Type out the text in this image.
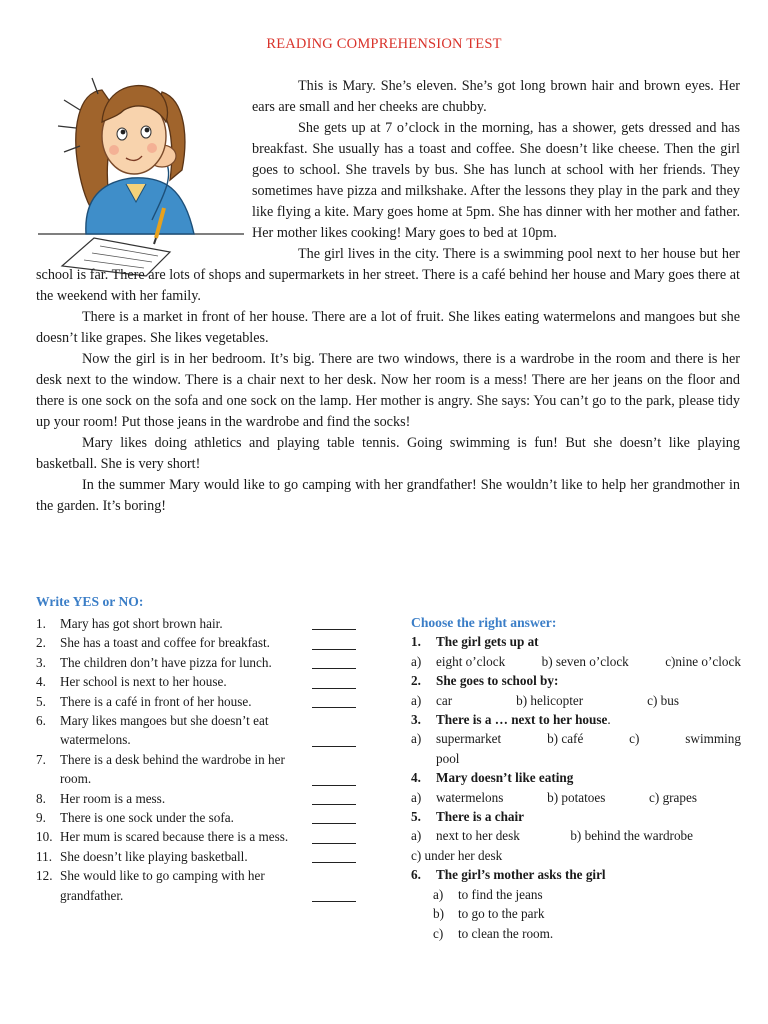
READING COMPREHENSION TEST

This is Mary. She’s eleven. She’s got long brown hair and brown eyes. Her ears are small and her cheeks are chubby.

She gets up at 7 o’clock in the morning, has a shower, gets dressed and has breakfast. She usually has a toast and coffee. She doesn’t like cheese. Then the girl goes to school. She travels by bus. She has lunch at school with her friends. They sometimes have pizza and milkshake. After the lessons they play in the park and they like flying a kite. Mary goes home at 5pm. She has dinner with her mother and father. Her mother likes cooking! Mary goes to bed at 10pm.

The girl lives in the city. There is a swimming pool next to her house but her school is far. There are lots of shops and supermarkets in her street. There is a café behind her house and Mary goes there at the weekend with her family.

There is a market in front of her house. There are a lot of fruit. She likes eating watermelons and mangoes but she doesn’t like grapes. She likes vegetables.

Now the girl is in her bedroom. It’s big. There are two windows, there is a wardrobe in the room and there is her desk next to the window. There is a chair next to her desk. Now her room is a mess! There are her jeans on the floor and there is one sock on the sofa and one sock on the lamp. Her mother is angry. She says: You can’t go to the park, please tidy up your room! Put those jeans in the wardrobe and find the socks!

Mary likes doing athletics and playing table tennis. Going swimming is fun! But she doesn’t like playing basketball. She is very short!

In the summer Mary would like to go camping with her grandfather! She wouldn’t like to help her grandmother in the garden. It’s boring!

Write YES or NO:
1. Mary has got short brown hair.
2. She has a toast and coffee for breakfast.
3. The children don’t have pizza for lunch.
4. Her school is next to her house.
5. There is a café in front of her house.
6. Mary likes mangoes but she doesn’t eat watermelons.
7. There is a desk behind the wardrobe in her room.
8. Her room is a mess.
9. There is one sock under the sofa.
10. Her mum is scared because there is a mess.
11. She doesn’t like playing basketball.
12. She would like to go camping with her grandfather.
Choose the right answer:
1. The girl gets up at
a) eight o’clock	b) seven o’clock	c)nine o’clock
2. She goes to school by:
a) car	b) helicopter	c) bus
3. There is a … next to her house.
a) supermarket	b) café	c)	swimming
pool
4. Mary doesn’t like eating
a) watermelons	b) potatoes	c) grapes
5. There is a chair
a) next to her desk	b) behind the wardrobe
c) under her desk
6. The girl’s mother asks the girl
a) to find the jeans
b) to go to the park
c) to clean the room.
